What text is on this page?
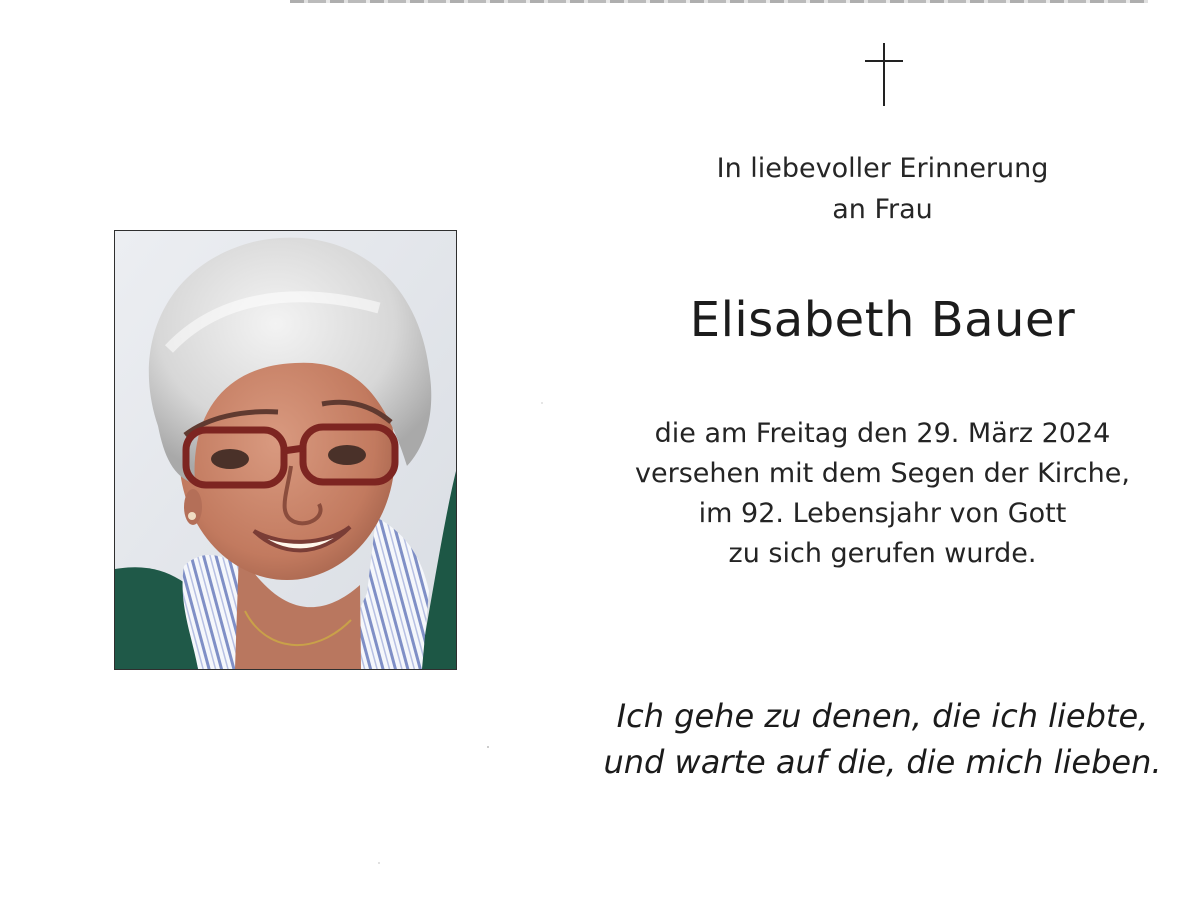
In liebevoller Erinnerung
an Frau
Elisabeth Bauer
die am Freitag den 29. März 2024
versehen mit dem Segen der Kirche,
im 92. Lebensjahr von Gott
zu sich gerufen wurde.
Ich gehe zu denen, die ich liebte,
und warte auf die, die mich lieben.
